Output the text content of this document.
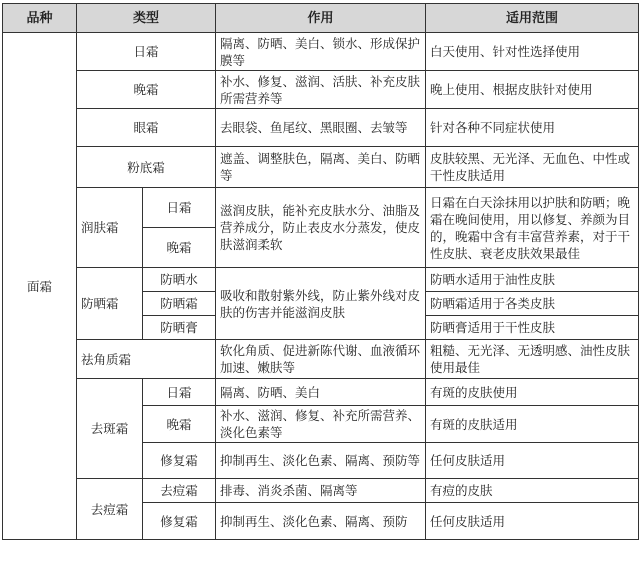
品种	类型		作用	适用范围
面霜	日霜		隔离、防晒、美白、锁水、形成保护膜等	白天使用、针对性选择使用
	晚霜		补水、修复、滋润、活肤、补充皮肤所需营养等	晚上使用、根据皮肤针对使用
	眼霜		去眼袋、鱼尾纹、黑眼圈、去皱等	针对各种不同症状使用
	粉底霜		遮盖、调整肤色，隔离、美白、防晒等	皮肤较黑、无光泽、无血色、中性或干性皮肤适用
	润肤霜	日霜	滋润皮肤，能补充皮肤水分、油脂及营养成分，防止表皮水分蒸发，使皮肤滋润柔软	日霜在白天涂抹用以护肤和防晒；晚霜在晚间使用，用以修复、养颜为目的，晚霜中含有丰富营养素，对于干性皮肤、衰老皮肤效果最佳
		晚霜		
	防晒霜	防晒水	吸收和散射紫外线，防止紫外线对皮肤的伤害并能滋润皮肤	防晒水适用于油性皮肤
		防晒霜		防晒霜适用于各类皮肤
		防晒膏		防晒膏适用于干性皮肤
	祛角质霜		软化角质、促进新陈代谢、血液循环加速、嫩肤等	粗糙、无光泽、无透明感、油性皮肤使用最佳
	去斑霜	日霜	隔离、防晒、美白	有斑的皮肤使用
		晚霜	补水、滋润、修复、补充所需营养、淡化色素等	有斑的皮肤适用
		修复霜	抑制再生、淡化色素、隔离、预防等	任何皮肤适用
	去痘霜	去痘霜	排毒、消炎杀菌、隔离等	有痘的皮肤
		修复霜	抑制再生、淡化色素、隔离、预防	任何皮肤适用
